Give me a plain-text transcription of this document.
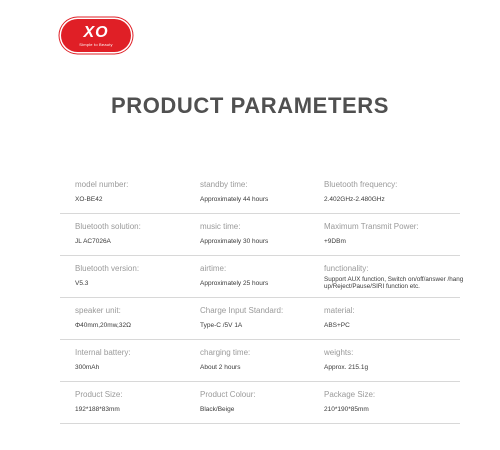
XO
Simple to Beauty
PRODUCT PARAMETERS
model number:
XO-BE42
standby time:
Approximately 44 hours
Bluetooth frequency:
2.402GHz-2.480GHz
Bluetooth solution:
JL AC7026A
music time:
Approximately 30 hours
Maximum Transmit Power:
+9DBm
Bluetooth version:
V5.3
airtime:
Approximately 25 hours
functionality:
Support AUX function, Switch on/off/answer /hang up/Reject/Pause/SIRI function etc.
speaker unit:
Φ40mm,20mw,32Ω
Charge Input Standard:
Type-C /5V 1A
material:
ABS+PC
Internal battery:
300mAh
charging time:
About 2 hours
weights:
Approx. 215.1g
Product Size:
192*188*83mm
Product Colour:
Black/Beige
Package Size:
210*190*85mm
